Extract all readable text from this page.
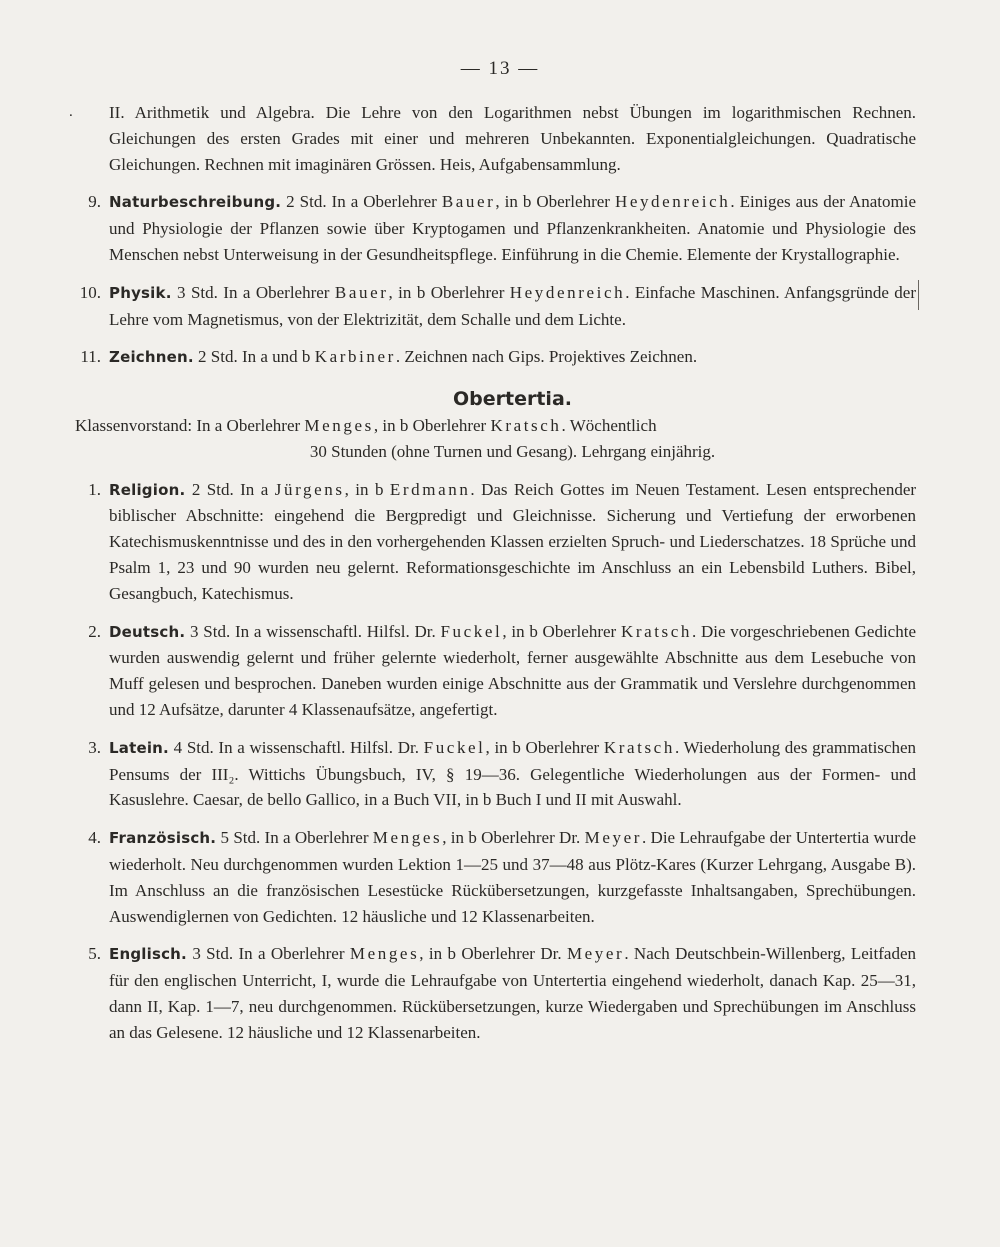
— 13 —

. II. Arithmetik und Algebra. Die Lehre von den Logarithmen nebst Übungen im logarithmischen Rechnen. Gleichungen des ersten Grades mit einer und mehreren Unbekannten. Exponentialgleichungen. Quadratische Gleichungen. Rechnen mit imaginären Grössen. Heis, Aufgabensammlung.

9. Naturbeschreibung. 2 Std. In a Oberlehrer Bauer, in b Oberlehrer Heydenreich. Einiges aus der Anatomie und Physiologie der Pflanzen sowie über Kryptogamen und Pflanzenkrankheiten. Anatomie und Physiologie des Menschen nebst Unterweisung in der Gesundheitspflege. Einführung in die Chemie. Elemente der Krystallographie.

10. Physik. 3 Std. In a Oberlehrer Bauer, in b Oberlehrer Heydenreich. Einfache Maschinen. Anfangsgründe der Lehre vom Magnetismus, von der Elektrizität, dem Schalle und dem Lichte.

11. Zeichnen. 2 Std. In a und b Karbiner. Zeichnen nach Gips. Projektives Zeichnen.

Obertertia.

Klassenvorstand: In a Oberlehrer Menges, in b Oberlehrer Kratsch. Wöchentlich

30 Stunden (ohne Turnen und Gesang). Lehrgang einjährig.

1. Religion. 2 Std. In a Jürgens, in b Erdmann. Das Reich Gottes im Neuen Testament. Lesen entsprechender biblischer Abschnitte: eingehend die Bergpredigt und Gleichnisse. Sicherung und Vertiefung der erworbenen Katechismuskenntnisse und des in den vorhergehenden Klassen erzielten Spruch- und Liederschatzes. 18 Sprüche und Psalm 1, 23 und 90 wurden neu gelernt. Reformationsgeschichte im Anschluss an ein Lebensbild Luthers. Bibel, Gesangbuch, Katechismus.

2. Deutsch. 3 Std. In a wissenschaftl. Hilfsl. Dr. Fuckel, in b Oberlehrer Kratsch. Die vorgeschriebenen Gedichte wurden auswendig gelernt und früher gelernte wiederholt, ferner ausgewählte Abschnitte aus dem Lesebuche von Muff gelesen und besprochen. Daneben wurden einige Abschnitte aus der Grammatik und Verslehre durchgenommen und 12 Aufsätze, darunter 4 Klassenaufsätze, angefertigt.

3. Latein. 4 Std. In a wissenschaftl. Hilfsl. Dr. Fuckel, in b Oberlehrer Kratsch. Wiederholung des grammatischen Pensums der III₂. Wittichs Übungsbuch, IV, § 19—36. Gelegentliche Wiederholungen aus der Formen- und Kasuslehre. Caesar, de bello Gallico, in a Buch VII, in b Buch I und II mit Auswahl.

4. Französisch. 5 Std. In a Oberlehrer Menges, in b Oberlehrer Dr. Meyer. Die Lehraufgabe der Untertertia wurde wiederholt. Neu durchgenommen wurden Lektion 1—25 und 37—48 aus Plötz-Kares (Kurzer Lehrgang, Ausgabe B). Im Anschluss an die französischen Lesestücke Rückübersetzungen, kurzgefasste Inhaltsangaben, Sprechübungen. Auswendiglernen von Gedichten. 12 häusliche und 12 Klassenarbeiten.

5. Englisch. 3 Std. In a Oberlehrer Menges, in b Oberlehrer Dr. Meyer. Nach Deutschbein-Willenberg, Leitfaden für den englischen Unterricht, I, wurde die Lehraufgabe von Untertertia eingehend wiederholt, danach Kap. 25—31, dann II, Kap. 1—7, neu durchgenommen. Rückübersetzungen, kurze Wiedergaben und Sprechübungen im Anschluss an das Gelesene. 12 häusliche und 12 Klassenarbeiten.
